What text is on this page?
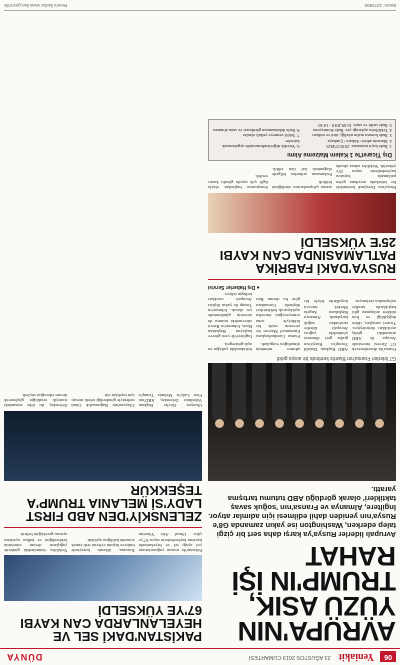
06
Yeniakit
23 AĞUSTOS 2019 CUMARTESİ
DÜNYA
AVRUPA'NIN YÜZÜ ASIK, TRUMP'IN İŞİ RAHAT
Avrupalı liderler Rusya'ya karşı daha sert bir çizgi talep ederken, Washington ise yakın zamanda G8'e Rusya'nın yeniden dahil edilmesi için adımlar atıyor. İngiltere, Almanya ve Fransa'nın 'soğuk savaş taktikleri' olarak gördüğü ABD tutumu tartışma yarattı.
G7 liderleri Fransa'nın Biarritz kentinde bir araya geldi

Fransa'da düzenlenecek G7 Zirvesi öncesinde Avrupa ile ABD arasındaki görüş ayrılıkları derinleşiyor. Ticaret savaşları, iklim değişikliği ve İran nükleer anlaşması gibi başlıklarda taraflar uzlaşmakta zorlanıyor.

ABD Başkanı Donald Trump'ın Rusya'nın gruba geri dönmesi yönündeki çağrısı Avrupalı liderler tarafından soğuk karşılandı. Almanya Başbakanı Angela Merkel, mevcut koşullarda böyle bir adımın mümkün olmadığını vurguladı.

Fransa Cumhurbaşkanı Emmanuel Macron ise zirvenin ortak bir bildiriyle sona ermeyeceğini önceden açıklayarak beklentileri düşürdü. Uzmanlara göre bu durum Batı ittifakındaki çatlağın en açık göstergesi.

İngiltere'de yeni göreve başlayan Başbakan Boris Johnson'ın Brexit sürecindeki tutumu da zirvenin gündeminde yer alacak. Johnson'ın Trump ile yakın ilişkisi Avrupalı ortakları tedirgin ediyor.

● Dış Haberler Servisi
RUSYA'DAKİ FABRİKA PATLAMASINDA CAN KAYBI 25'E YÜKSELDİ

Rusya'nın Dzerjinsk kentindeki bir fabrikada meydana gelen patlamada hayatını kaybedenlerin sayısı 25'e yükseldi. Yetkililer enkaz altında arama çalışmalarının sürdüğünü bildirdi.

Patlamanın ardından bölgede olağanüstü hal ilan edildi. Soruşturma başlatılan olayla ilgili çok sayıda gözaltı kararı verildi.

Dış Ticaret'te 1 Kalem Malzeme Alımı
1. İhale kayıt numarası: 2019/374925
2. İdarenin adresi: Ankara / Çankaya
3. İhale konusu malın niteliği, türü ve miktarı
4. Tekliflerin açılacağı yer: İhale Komisyonu
5. İhale tarihi ve saati: 10.09.2019 - 10:30
6. Yeterlik değerlendirmesinde uygulanacak kriterler
7. Teklif vermeye yetkili olanlar
8. İhale dokümanının görülmesi ve satın alınması
PAKİSTAN'DAKİ SEL VE HEYELANLARDA CAN KAYBI 67'YE YÜKSELDİ

Pakistan'da muson yağmurlarının yol açtığı sel ve heyelanlarda hayatını kaybedenlerin sayısı 67'ye çıktı. Ulusal Afet Yönetim Kurumu, ülkenin kuzeyinde binlerce kişinin evlerini terk etmek zorunda kaldığını açıkladı.

Yetkililer, önümüzdeki günlerde yağışların devam etmesinin beklendiğini ve halkın uyarılara uyması gerektiğini belirtti.

ZELENSKİY'DEN ABD FIRST LADY'Sİ MELANIA TRUMP'A TEŞEKKÜR

Ukrayna Devlet Başkanı Volodimir Zelenskiy, ABD'nin First Lady'si Melania Trump'a Ukrayna'nın Bağımsızlık Günü nedeniyle gönderdiği tebrik mesajı için teşekkür etti.

Zelenskiy, iki ülke arasındaki stratejik ortaklığın güçlenerek devam edeceğini söyledi.

Basın: 1072806
Resmi ilanlar www.ilan.gov.tr'de
